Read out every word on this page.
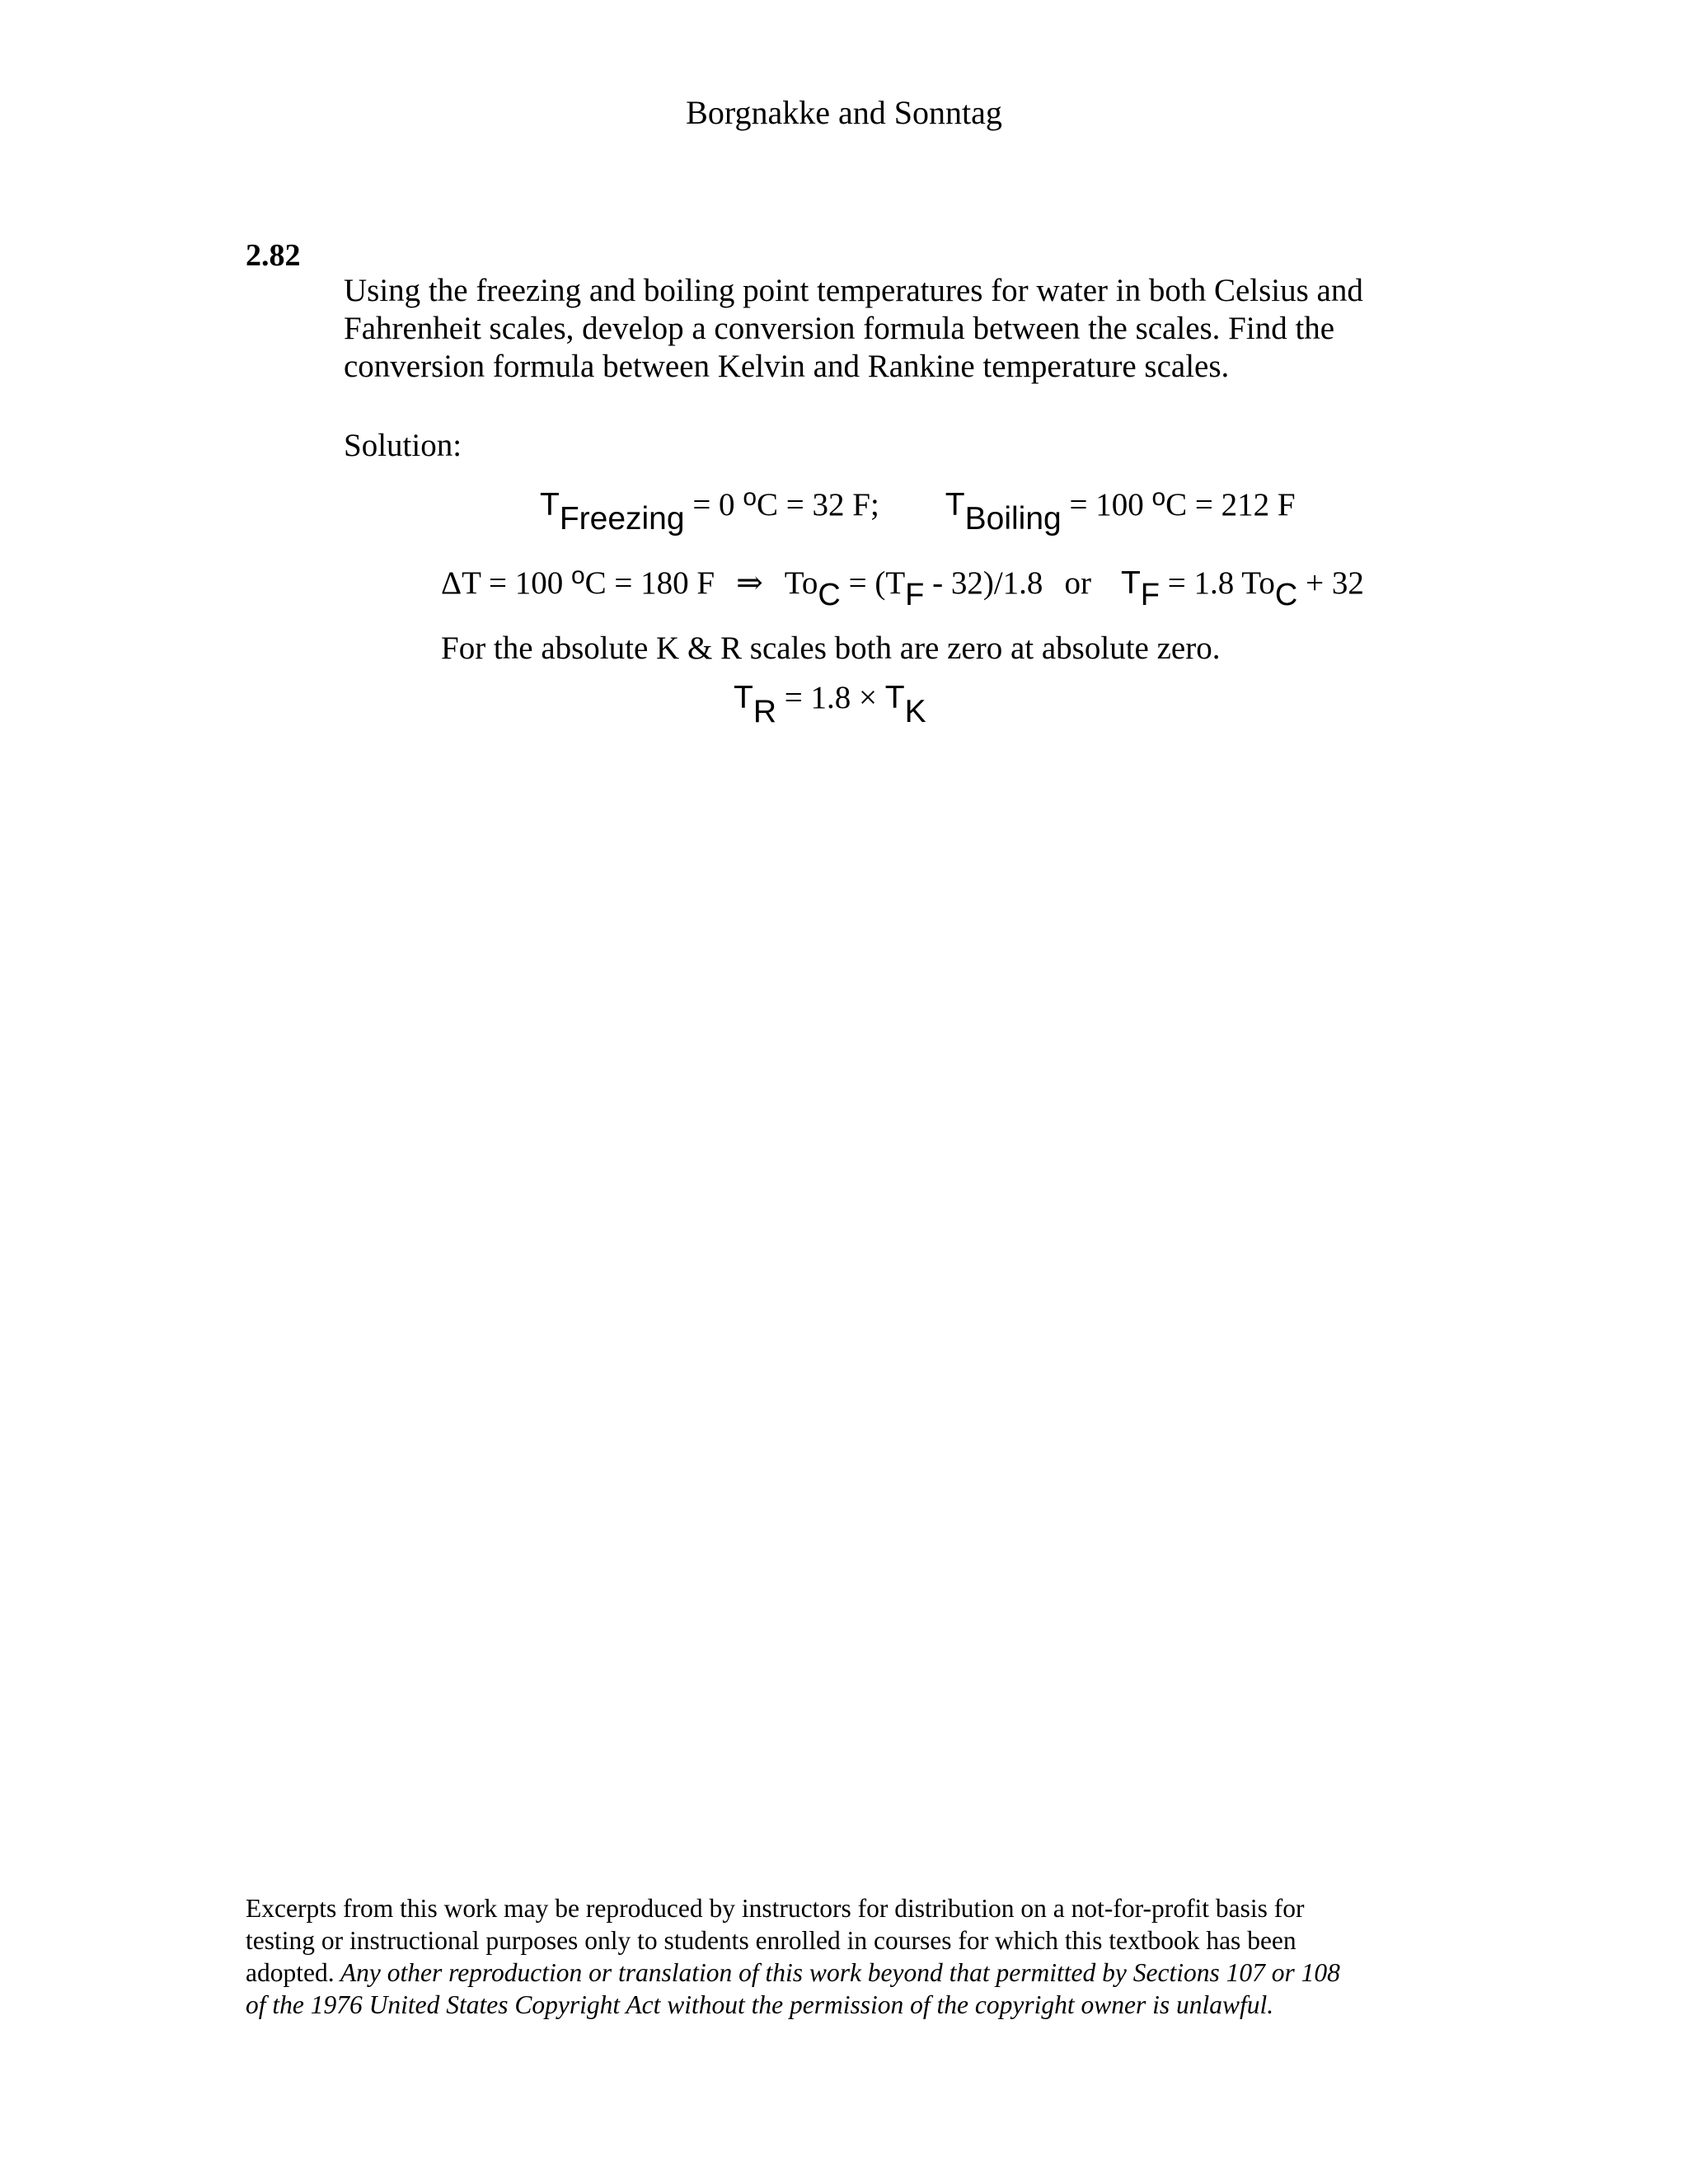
Borgnakke and Sonntag
2.82
Using the freezing and boiling point temperatures for water in both Celsius and
Fahrenheit scales, develop a conversion formula between the scales. Find the
conversion formula between Kelvin and Rankine temperature scales.
Solution:
TFreezing = 0 $^o$C = 32 F; TBoiling = 100 $^o$C = 212 F
ΔT = 100 $^o$C = 180 F ⇒ ToC = (TF - 32)/1.8 or TF = 1.8 ToC + 32
For the absolute K & R scales both are zero at absolute zero.
TR = 1.8 × TK
Excerpts from this work may be reproduced by instructors for distribution on a not-for-profit basis for
testing or instructional purposes only to students enrolled in courses for which this textbook has been
adopted. Any other reproduction or translation of this work beyond that permitted by Sections 107 or 108
of the 1976 United States Copyright Act without the permission of the copyright owner is unlawful.
